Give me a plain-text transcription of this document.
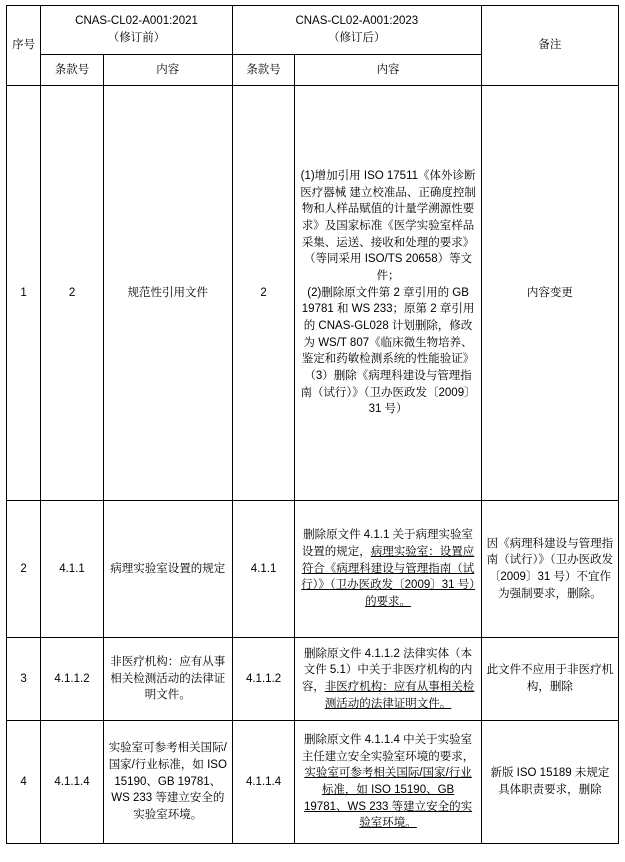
序号	CNAS-CL02-A001:2021
（修订前）		CNAS-CL02-A001:2023
（修订后）		备注
	条款号	内容	条款号	内容	
1	2	规范性引用文件	2	(1)增加引用 ISO 17511《体外诊断医疗器械 建立校准品、正确度控制物和人样品赋值的计量学溯源性要求》及国家标准《医学实验室样品采集、运送、接收和处理的要求》（等同采用 ISO/TS 20658）等文件；

(2)删除原文件第 2 章引用的 GB 19781 和 WS 233；原第 2 章引用的 CNAS-GL028 计划删除，修改为 WS/T 807《临床微生物培养、鉴定和药敏检测系统的性能验证》

（3）删除《病理科建设与管理指南（试行）》（卫办医政发〔2009〕31 号）	内容变更
2	4.1.1	病理实验室设置的规定	4.1.1	删除原文件 4.1.1 关于病理实验室设置的规定，病理实验室：设置应符合《病理科建设与管理指南（试行）》（卫办医政发〔2009〕31 号）的要求。	因《病理科建设与管理指南（试行）》（卫办医政发〔2009〕31 号）不宜作为强制要求，删除。
3	4.1.1.2	非医疗机构：应有从事相关检测活动的法律证明文件。	4.1.1.2	删除原文件 4.1.1.2 法律实体（本文件 5.1）中关于非医疗机构的内容，非医疗机构：应有从事相关检测活动的法律证明文件。	此文件不应用于非医疗机构，删除
4	4.1.1.4	实验室可参考相关国际/国家/行业标准，如 ISO 15190、GB 19781、WS 233 等建立安全的实验室环境。	4.1.1.4	删除原文件 4.1.1.4 中关于实验室主任建立安全实验室环境的要求，实验室可参考相关国际/国家/行业标准，如 ISO 15190、GB 19781、WS 233 等建立安全的实验室环境。	新版 ISO 15189 未规定具体职责要求，删除
